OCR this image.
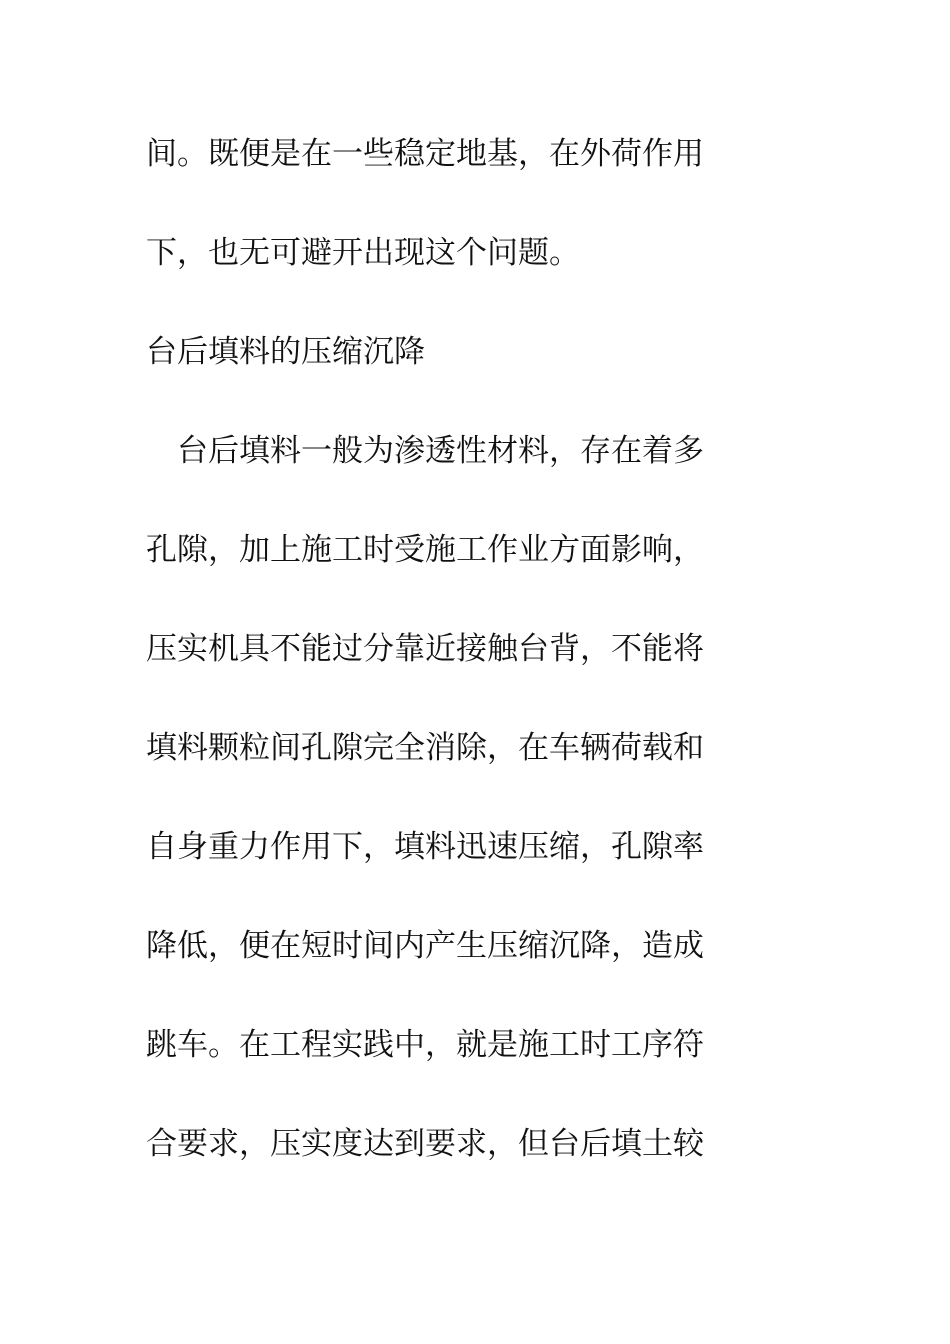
间。既便是在一些稳定地基，在外荷作用
下，也无可避开出现这个问题。
台后填料的压缩沉降
　台后填料一般为渗透性材料，存在着多
孔隙，加上施工时受施工作业方面影响，
压实机具不能过分靠近接触台背，不能将
填料颗粒间孔隙完全消除，在车辆荷载和
自身重力作用下，填料迅速压缩，孔隙率
降低，便在短时间内产生压缩沉降，造成
跳车。在工程实践中，就是施工时工序符
合要求，压实度达到要求，但台后填土较
